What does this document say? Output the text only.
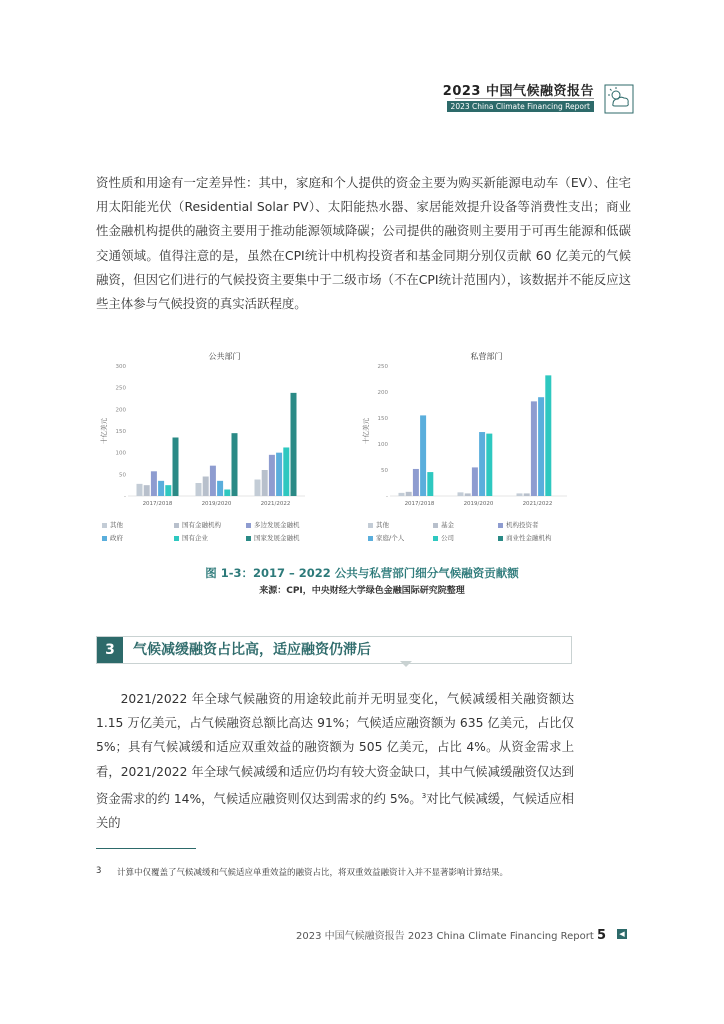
2023 中国气候融资报告
2023 China Climate Financing Report
资性质和用途有一定差异性：其中，家庭和个人提供的资金主要为购买新能源电动车（EV）、住宅用太阳能光伏（Residential Solar PV）、太阳能热水器、家居能效提升设备等消费性支出；商业性金融机构提供的融资主要用于推动能源领域降碳；公司提供的融资则主要用于可再生能源和低碳交通领域。值得注意的是，虽然在CPI统计中机构投资者和基金同期分别仅贡献 60 亿美元的气候融资，但因它们进行的气候投资主要集中于二级市场（不在CPI统计范围内），该数据并不能反应这些主体参与气候投资的真实活跃程度。
公共部门
十亿美元
300
250
200
150
100
50
-
2017/2018	2019/2020	2021/2022
私营部门
十亿美元
250
200
150
100
50
-
2017/2018	2019/2020	2021/2022
其他	国有金融机构	多边发展金融机
政府	国有企业	国家发展金融机
其他	基金	机构投资者
家庭/个人	公司	商业性金融机构
图 1-3：2017 – 2022 公共与私营部门细分气候融资贡献额
来源：CPI，中央财经大学绿色金融国际研究院整理
3	气候减缓融资占比高，适应融资仍滞后
2021/2022 年全球气候融资的用途较此前并无明显变化，气候减缓相关融资额达 1.15 万亿美元，占气候融资总额比高达 91%；气候适应融资额为 635 亿美元，占比仅 5%；具有气候减缓和适应双重效益的融资额为 505 亿美元，占比 4%。从资金需求上看，2021/2022 年全球气候减缓和适应仍均有较大资金缺口，其中气候减缓融资仅达到资金需求的约 14%，气候适应融资则仅达到需求的约 5%。$^3$对比气候减缓，气候适应相关的
3 计算中仅覆盖了气候减缓和气候适应单重效益的融资占比，将双重效益融资计入并不显著影响计算结果。
2023 中国气候融资报告 2023 China Climate Financing Report 5	◀
